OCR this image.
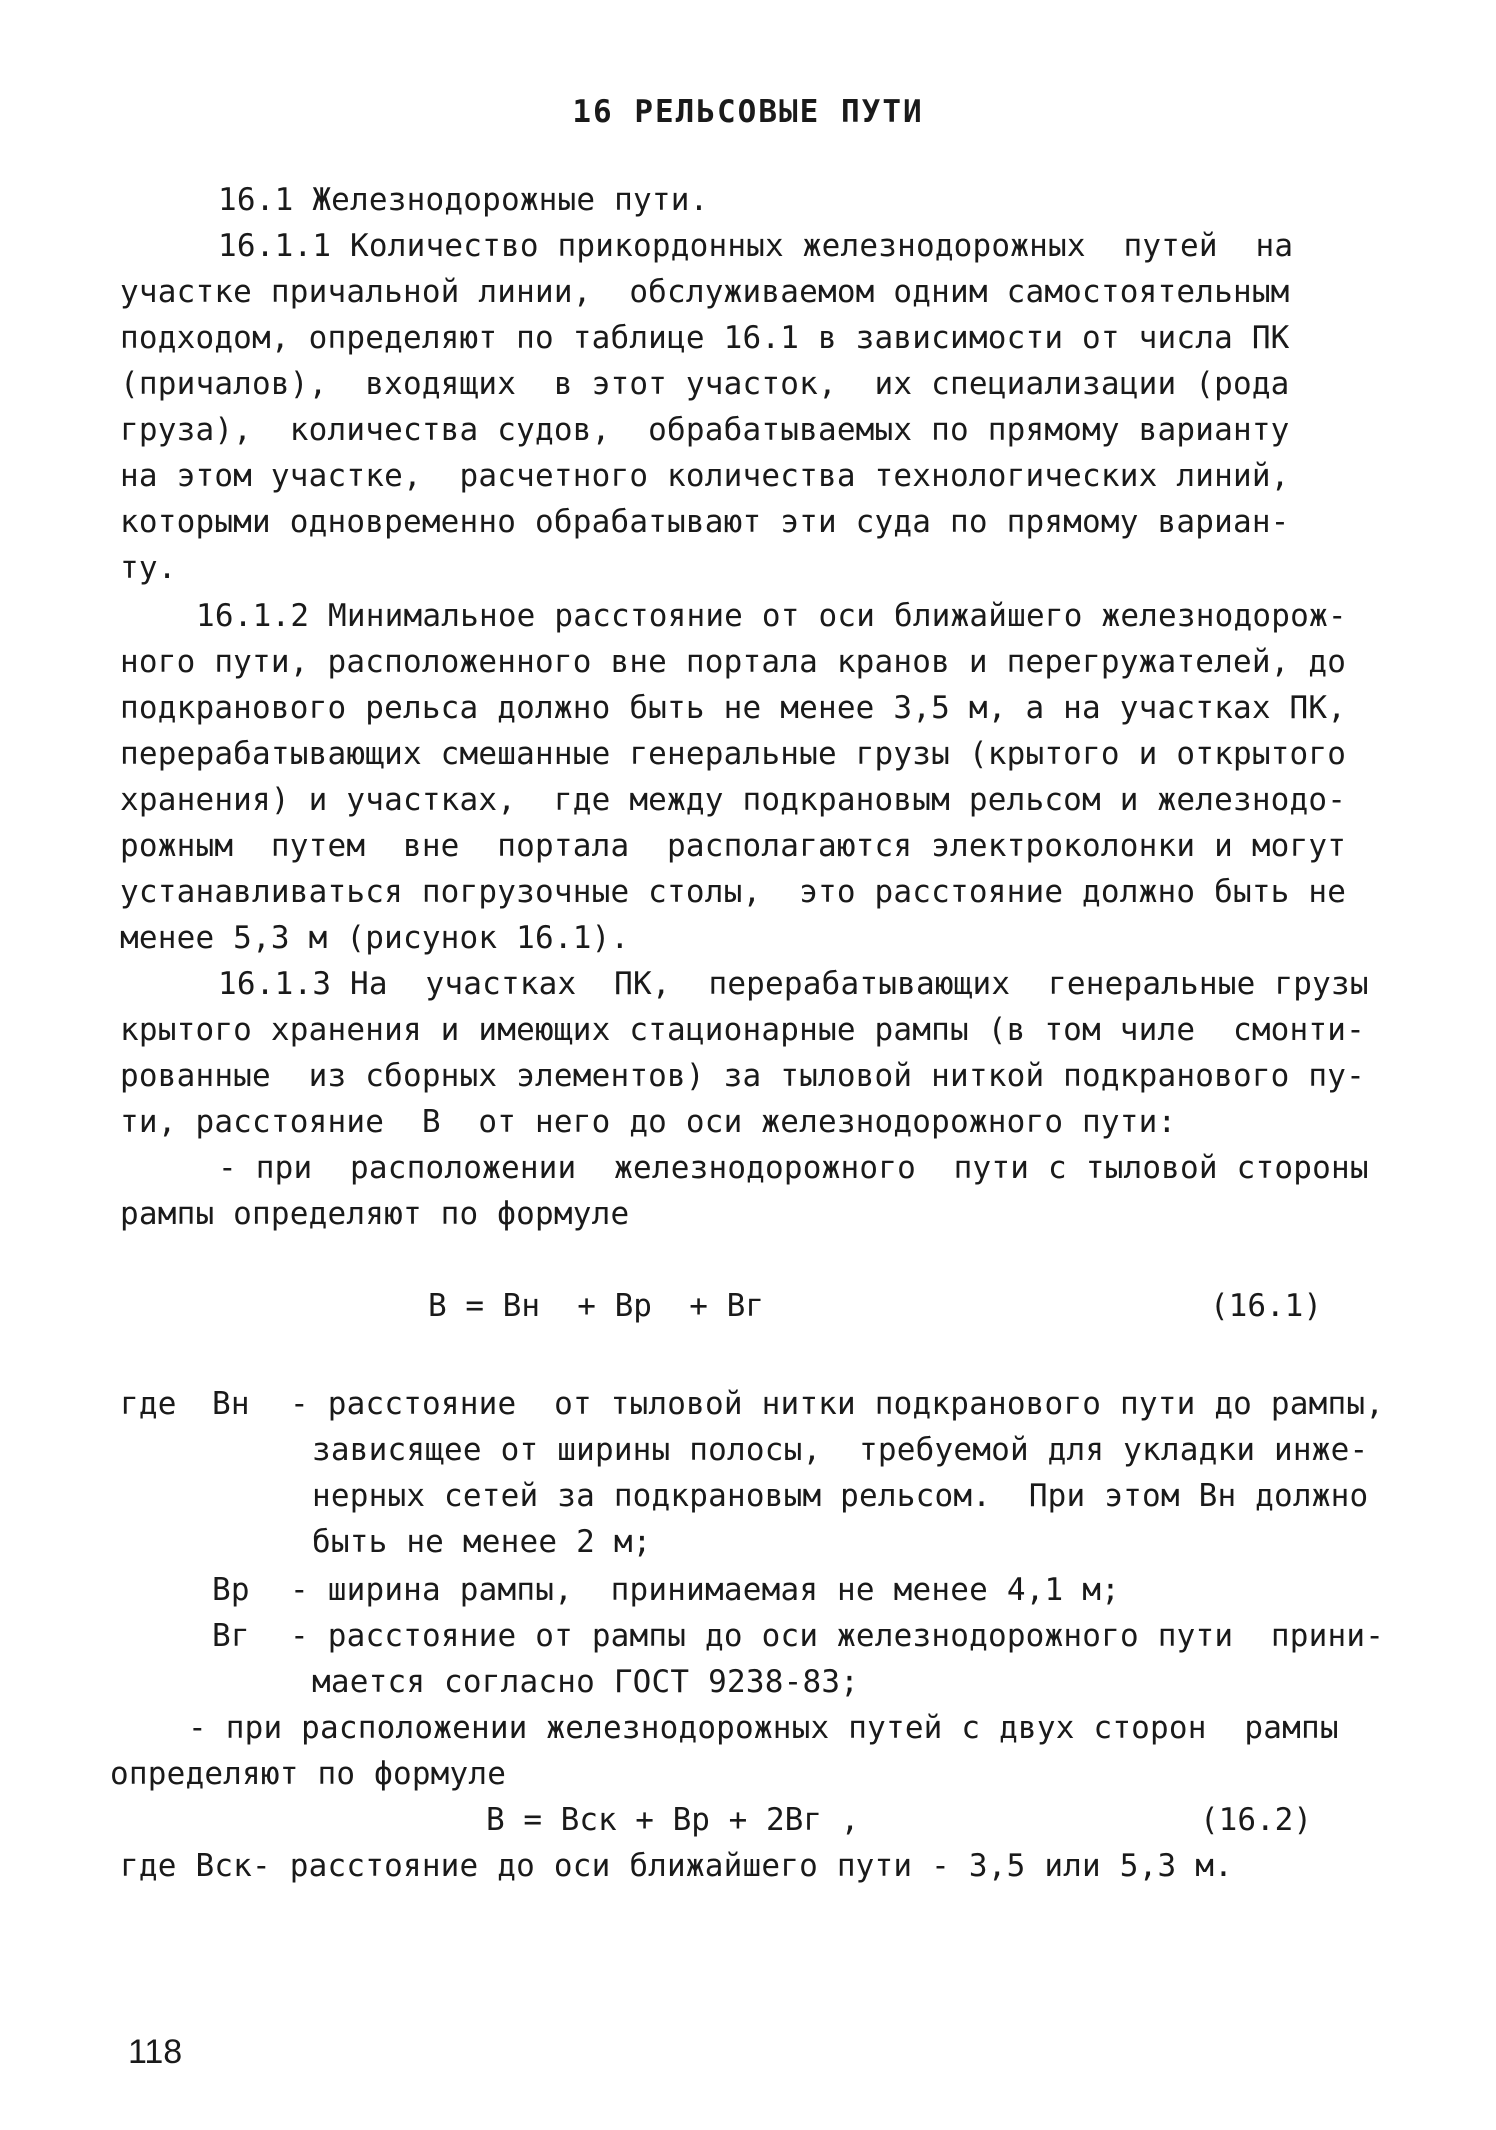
16 РЕЛЬСОВЫЕ ПУТИ
16.1 Железнодорожные пути.
16.1.1 Количество прикордонных железнодорожных  путей  на
участке причальной линии,  обслуживаемом одним самостоятельным
подходом, определяют по таблице 16.1 в зависимости от числа ПК
(причалов),  входящих  в этот участок,  их специализации (рода
груза),  количества судов,  обрабатываемых по прямому варианту
на этом участке,  расчетного количества технологических линий,
которыми одновременно обрабатывают эти суда по прямому вариан-
ту.
16.1.2 Минимальное расстояние от оси ближайшего железнодорож-
ного пути, расположенного вне портала кранов и перегружателей, до
подкранового рельса должно быть не менее 3,5 м, а на участках ПК,
перерабатывающих смешанные генеральные грузы (крытого и открытого
хранения) и участках,  где между подкрановым рельсом и железнодо-
рожным  путем  вне  портала  располагаются электроколонки и могут
устанавливаться погрузочные столы,  это расстояние должно быть не
менее 5,3 м (рисунок 16.1).
16.1.3 На  участках  ПК,  перерабатывающих  генеральные грузы
крытого хранения и имеющих стационарные рампы (в том чиле  смонти-
рованные  из сборных элементов) за тыловой ниткой подкранового пу-
ти, расстояние  В  от него до оси железнодорожного пути:
- при  расположении  железнодорожного  пути с тыловой стороны
рампы определяют по формуле
В = Вн  + Вр  + Вг	(16.1)
где Вн - расстояние  от тыловой нитки подкранового пути до рампы,
зависящее от ширины полосы,  требуемой для укладки инже-
нерных сетей за подкрановым рельсом.  При этом Вн должно
быть не менее 2 м;
Вр - ширина рампы,  принимаемая не менее 4,1 м;
Вг - расстояние от рампы до оси железнодорожного пути  прини-
мается согласно ГОСТ 9238-83;
- при расположении железнодорожных путей с двух сторон  рампы
определяют по формуле
В = Вск + Вр + 2Вг ,	(16.2)
где Вск- расстояние до оси ближайшего пути - 3,5 или 5,3 м.
118
